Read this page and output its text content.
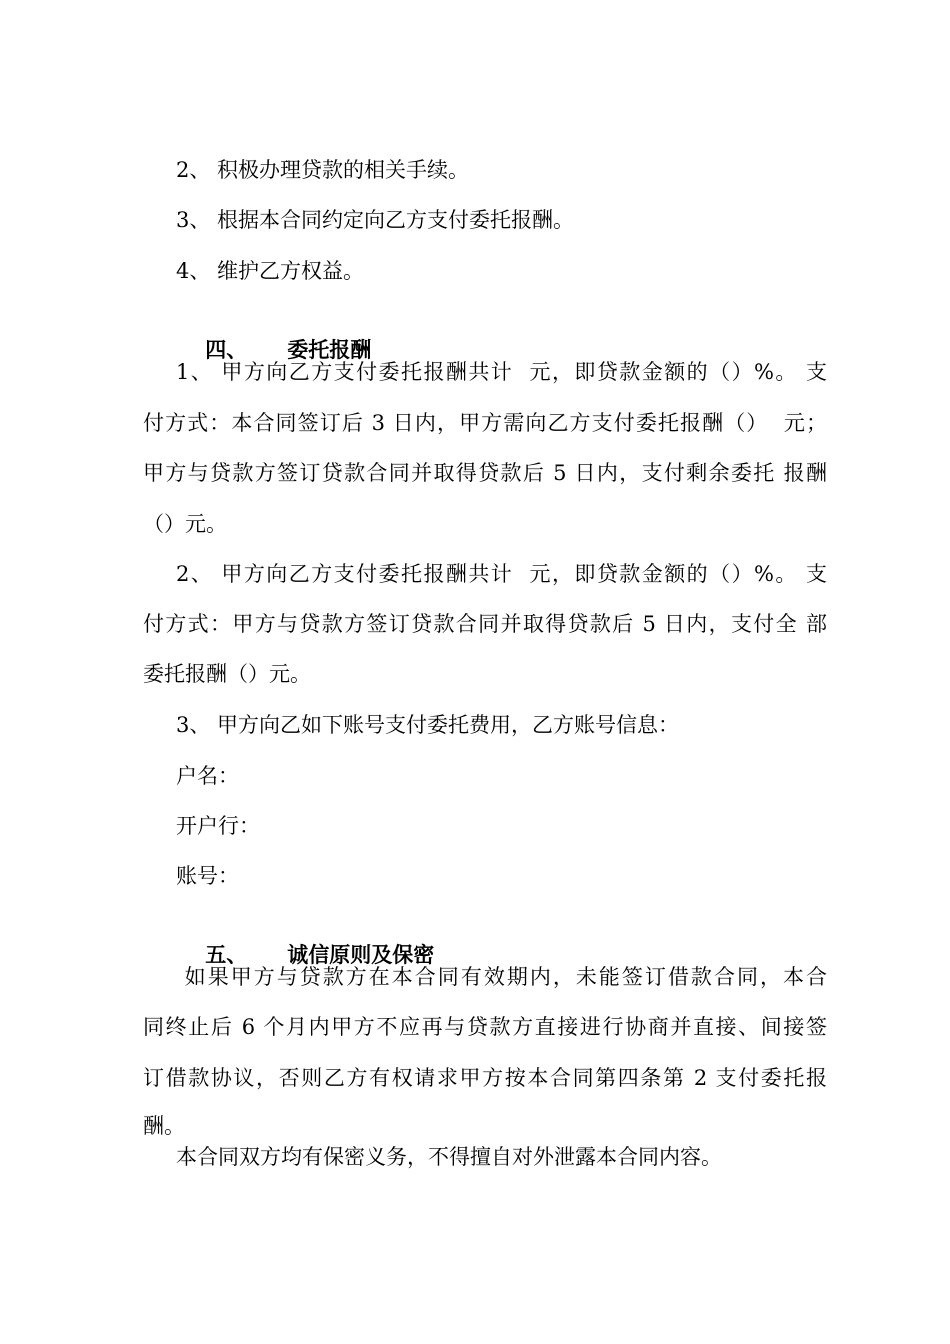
2、 积极办理贷款的相关手续。
3、 根据本合同约定向乙方支付委托报酬。
4、 维护乙方权益。

四、 委托报酬

1、 甲方向乙方支付委托报酬共计  元，即贷款金额的（）%。 支
付方式：本合同签订后 3 日内，甲方需向乙方支付委托报酬（）  元；
甲方与贷款方签订贷款合同并取得贷款后 5 日内，支付剩余委托 报酬
（）元。
2、 甲方向乙方支付委托报酬共计  元，即贷款金额的（）%。 支
付方式：甲方与贷款方签订贷款合同并取得贷款后 5 日内，支付全 部
委托报酬（）元。
3、 甲方向乙如下账号支付委托费用，乙方账号信息：
户名：
开户行：
账号：

五、 诚信原则及保密

如果甲方与贷款方在本合同有效期内，未能签订借款合同，本合
同终止后 6 个月内甲方不应再与贷款方直接进行协商并直接、间接签
订借款协议，否则乙方有权请求甲方按本合同第四条第 2 支付委托报
酬。
本合同双方均有保密义务，不得擅自对外泄露本合同内容。
